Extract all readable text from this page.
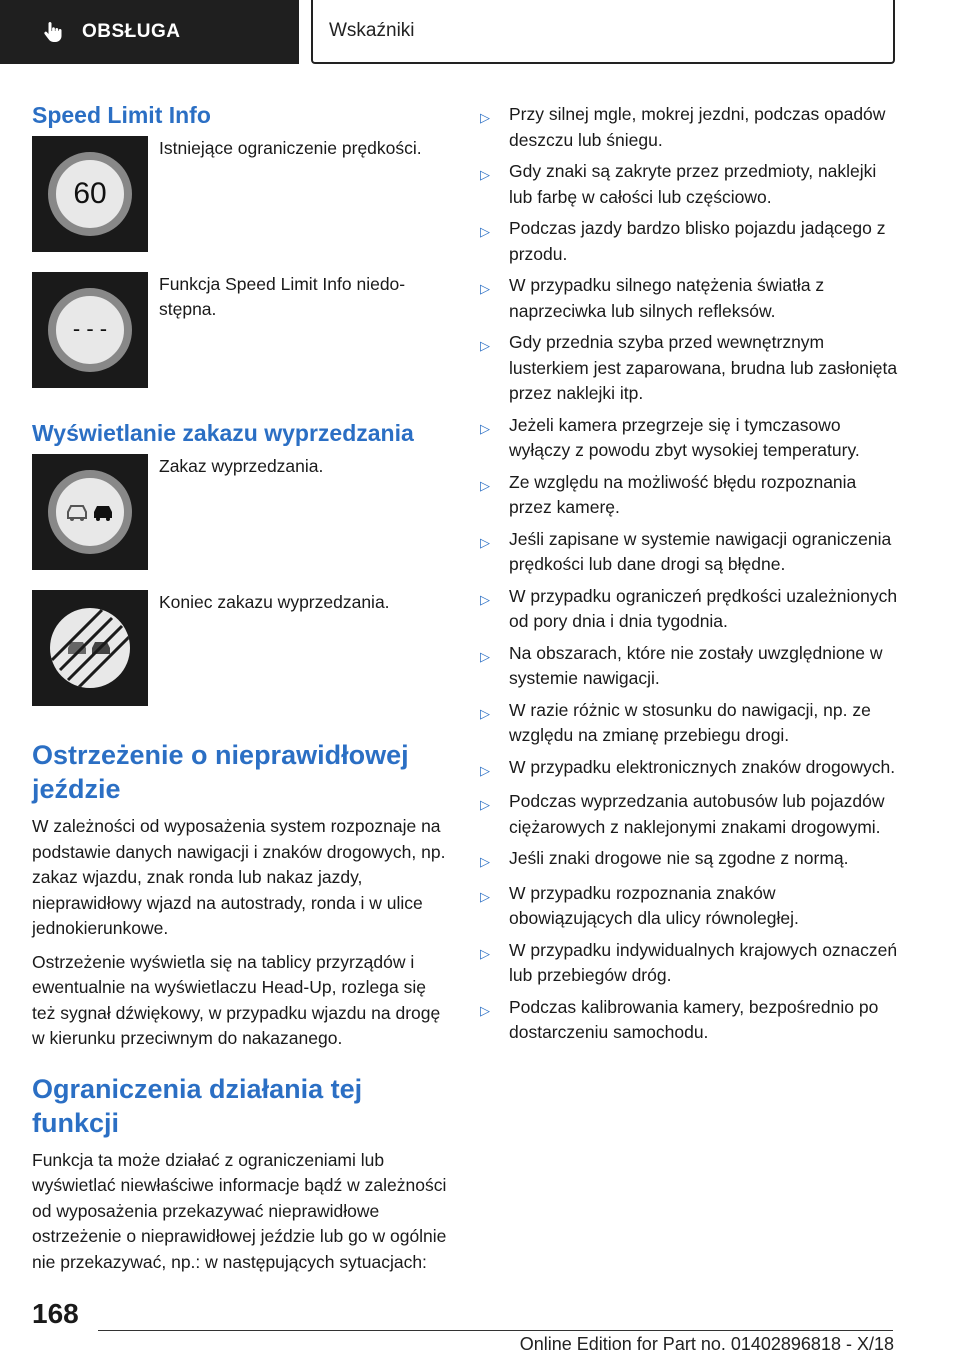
OBSŁUGA	Wskaźniki
Speed Limit Info
60
Istniejące ograniczenie prędkości.
- - -
Funkcja Speed Limit Info niedo-
stępna.
Wyświetlanie zakazu wyprzedzania
Zakaz wyprzedzania.
Koniec zakazu wyprzedzania.
Ostrzeżenie o nieprawidłowej jeździe
W zależności od wyposażenia system rozpoznaje na podstawie danych nawigacji i znaków drogowych, np. zakaz wjazdu, znak ronda lub nakaz jazdy, nieprawidłowy wjazd na autostrady, ronda i w ulice jednokierunkowe.
Ostrzeżenie wyświetla się na tablicy przyrządów i ewentualnie na wyświetlaczu Head-Up, rozlega się też sygnał dźwiękowy, w przypadku wjazdu na drogę w kierunku przeciwnym do nakazanego.
Ograniczenia działania tej funkcji
Funkcja ta może działać z ograniczeniami lub wyświetlać niewłaściwe informacje bądź w zależności od wyposażenia przekazywać nieprawidłowe ostrzeżenie o nieprawidłowej jeździe lub go w ogólnie nie przekazywać, np.: w następujących sytuacjach:
▷	Przy silnej mgle, mokrej jezdni, podczas opadów deszczu lub śniegu.
▷	Gdy znaki są zakryte przez przedmioty, naklejki lub farbę w całości lub częściowo.
▷	Podczas jazdy bardzo blisko pojazdu jadącego z przodu.
▷	W przypadku silnego natężenia światła z naprzeciwka lub silnych refleksów.
▷	Gdy przednia szyba przed wewnętrznym lusterkiem jest zaparowana, brudna lub zasłonięta przez naklejki itp.
▷	Jeżeli kamera przegrzeje się i tymczasowo wyłączy z powodu zbyt wysokiej temperatury.
▷	Ze względu na możliwość błędu rozpoznania przez kamerę.
▷	Jeśli zapisane w systemie nawigacji ograniczenia prędkości lub dane drogi są błędne.
▷	W przypadku ograniczeń prędkości uzależnionych od pory dnia i dnia tygodnia.
▷	Na obszarach, które nie zostały uwzględnione w systemie nawigacji.
▷	W razie różnic w stosunku do nawigacji, np. ze względu na zmianę przebiegu drogi.
▷	W przypadku elektronicznych znaków drogowych.
▷	Podczas wyprzedzania autobusów lub pojazdów ciężarowych z naklejonymi znakami drogowymi.
▷	Jeśli znaki drogowe nie są zgodne z normą.
▷	W przypadku rozpoznania znaków obowiązujących dla ulicy równoległej.
▷	W przypadku indywidualnych krajowych oznaczeń lub przebiegów dróg.
▷	Podczas kalibrowania kamery, bezpośrednio po dostarczeniu samochodu.
168
Online Edition for Part no. 01402896818 - X/18
